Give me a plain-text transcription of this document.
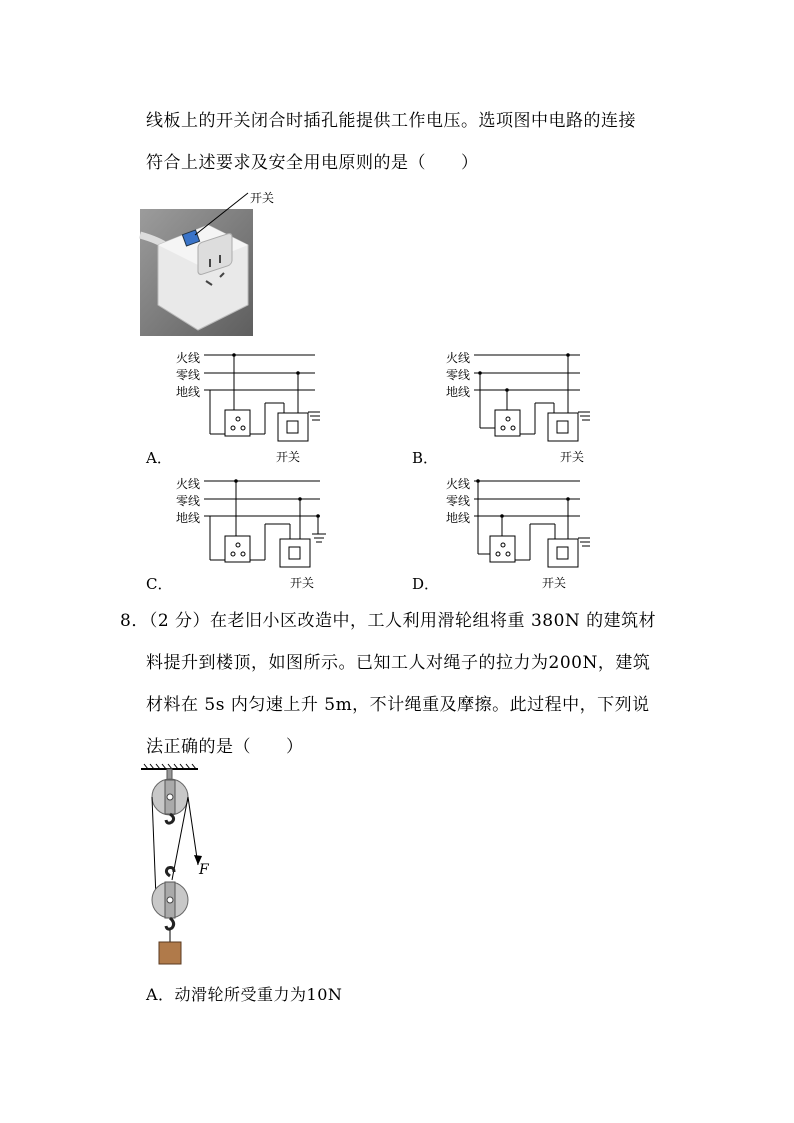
线板上的开关闭合时插孔能提供工作电压。选项图中电路的连接
符合上述要求及安全用电原则的是（　　）
开关
火线
零线
地线
A．	开关
火线
零线
地线
B．	开关
火线
零线
地线
C．	开关
火线
零线
地线
D．	开关
8．（2 分）在老旧小区改造中，工人利用滑轮组将重 380N 的建筑材
料提升到楼顶，如图所示。已知工人对绳子的拉力为200N，建筑
材料在 5s 内匀速上升 5m，不计绳重及摩擦。此过程中，下列说
法正确的是（　　）
F
A．动滑轮所受重力为10N
